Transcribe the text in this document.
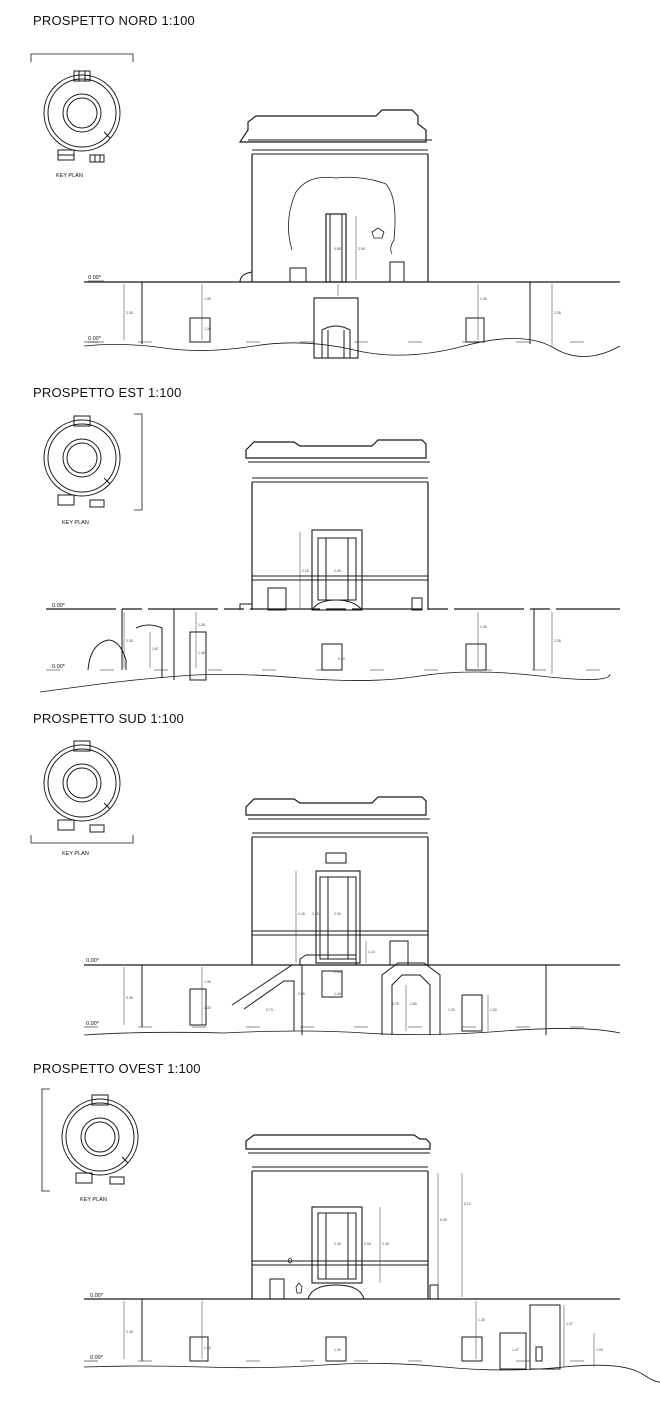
PROSPETTO NORD 1:100
2.35
1.35
1.30
1.35
2.35
2.00
0.85
KEY PLAN
0.00*
0.00*
PROSPETTO EST 1:100
2.35
1.35
1.45
1.87
1.35
2.35
2.15	2.25
0.90
KEY PLAN
0.00*
0.00*
PROSPETTO SUD 1:100
2.35
1.35
1.30
2.45 2.25	2.00
1.10
0.85
1.40
2.05
0.73
1.75	1.80
1.30
1.30
KEY PLAN
0.00*
0.00*
PROSPETTO OVEST 1:100
2.35
1.30
1.35
6.45
5.10
2.45
2.05
2.00
1.07
1.00
1.47
1.30
KEY PLAN
0.00*
0.00*
